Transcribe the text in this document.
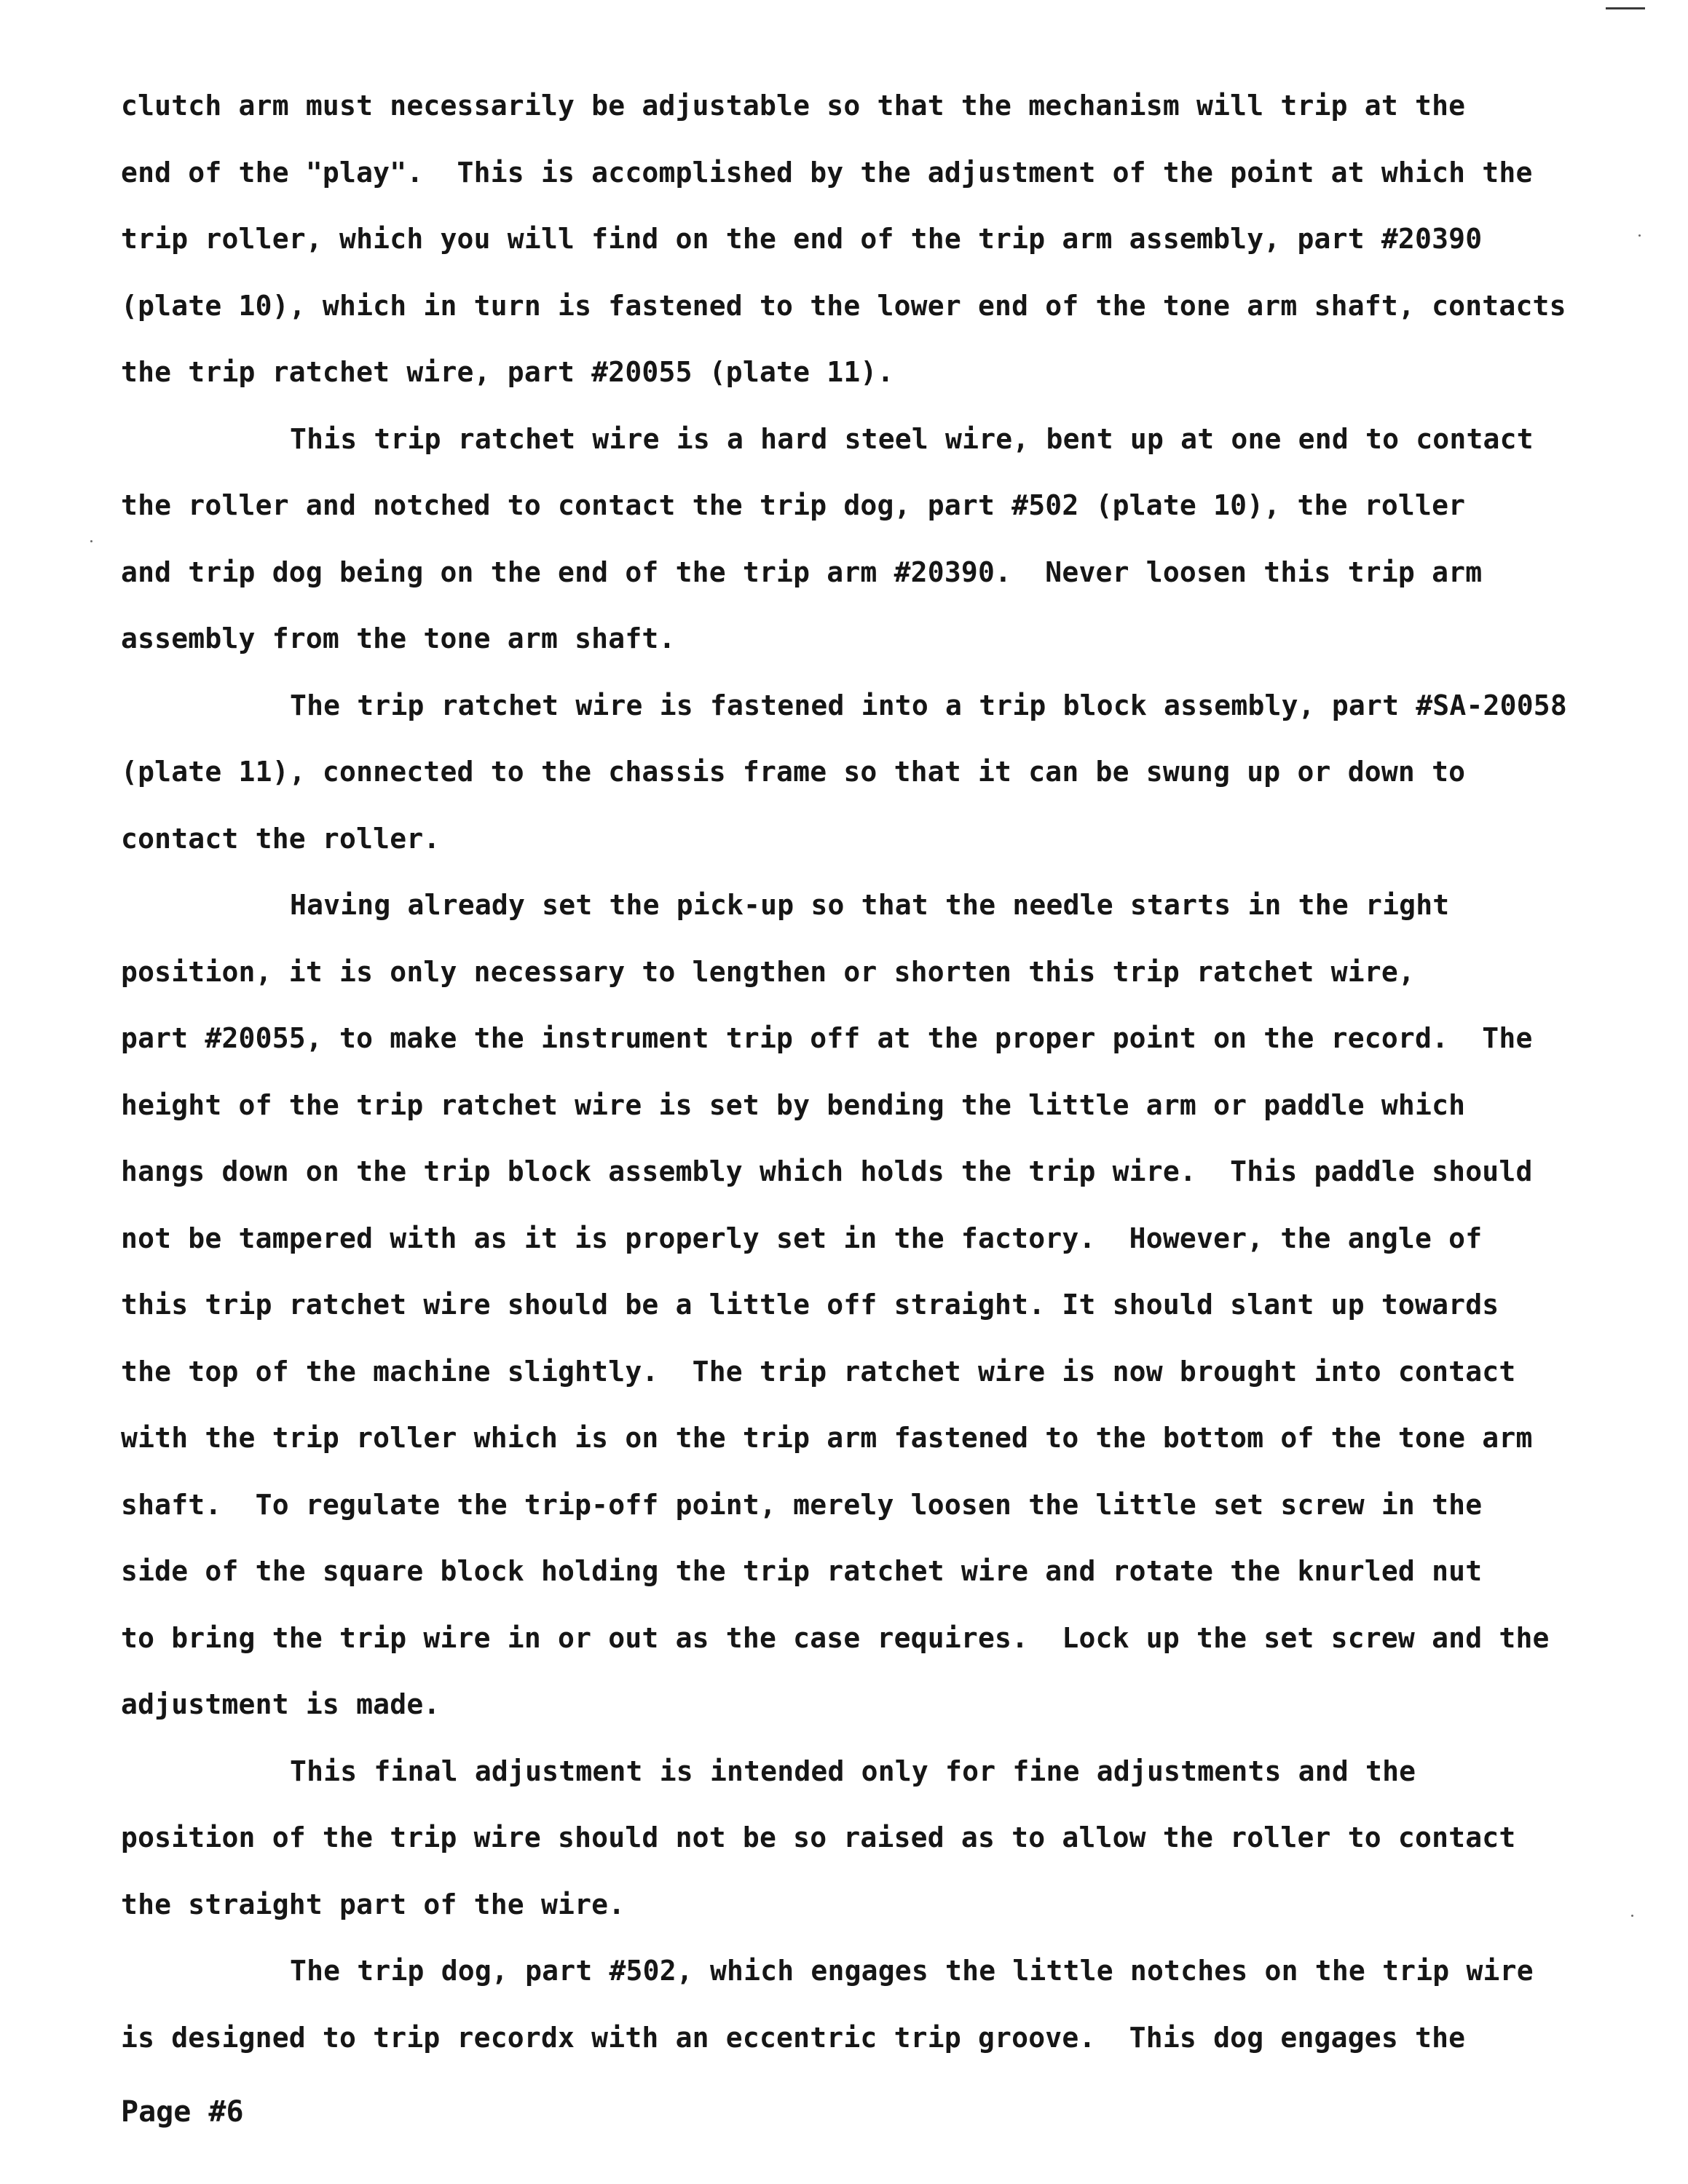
clutch arm must necessarily be adjustable so that the mechanism will trip at the
end of the "play".  This is accomplished by the adjustment of the point at which the
trip roller, which you will find on the end of the trip arm assembly, part #20390
(plate 10), which in turn is fastened to the lower end of the tone arm shaft, contacts
the trip ratchet wire, part #20055 (plate 11).
This trip ratchet wire is a hard steel wire, bent up at one end to contact
the roller and notched to contact the trip dog, part #502 (plate 10), the roller
and trip dog being on the end of the trip arm #20390.  Never loosen this trip arm
assembly from the tone arm shaft.
The trip ratchet wire is fastened into a trip block assembly, part #SA-20058
(plate 11), connected to the chassis frame so that it can be swung up or down to
contact the roller.
Having already set the pick-up so that the needle starts in the right
position, it is only necessary to lengthen or shorten this trip ratchet wire,
part #20055, to make the instrument trip off at the proper point on the record.  The
height of the trip ratchet wire is set by bending the little arm or paddle which
hangs down on the trip block assembly which holds the trip wire.  This paddle should
not be tampered with as it is properly set in the factory.  However, the angle of
this trip ratchet wire should be a little off straight. It should slant up towards
the top of the machine slightly.  The trip ratchet wire is now brought into contact
with the trip roller which is on the trip arm fastened to the bottom of the tone arm
shaft.  To regulate the trip-off point, merely loosen the little set screw in the
side of the square block holding the trip ratchet wire and rotate the knurled nut
to bring the trip wire in or out as the case requires.  Lock up the set screw and the
adjustment is made.
This final adjustment is intended only for fine adjustments and the
position of the trip wire should not be so raised as to allow the roller to contact
the straight part of the wire.
The trip dog, part #502, which engages the little notches on the trip wire
is designed to trip recordx with an eccentric trip groove.  This dog engages the
Page #6
